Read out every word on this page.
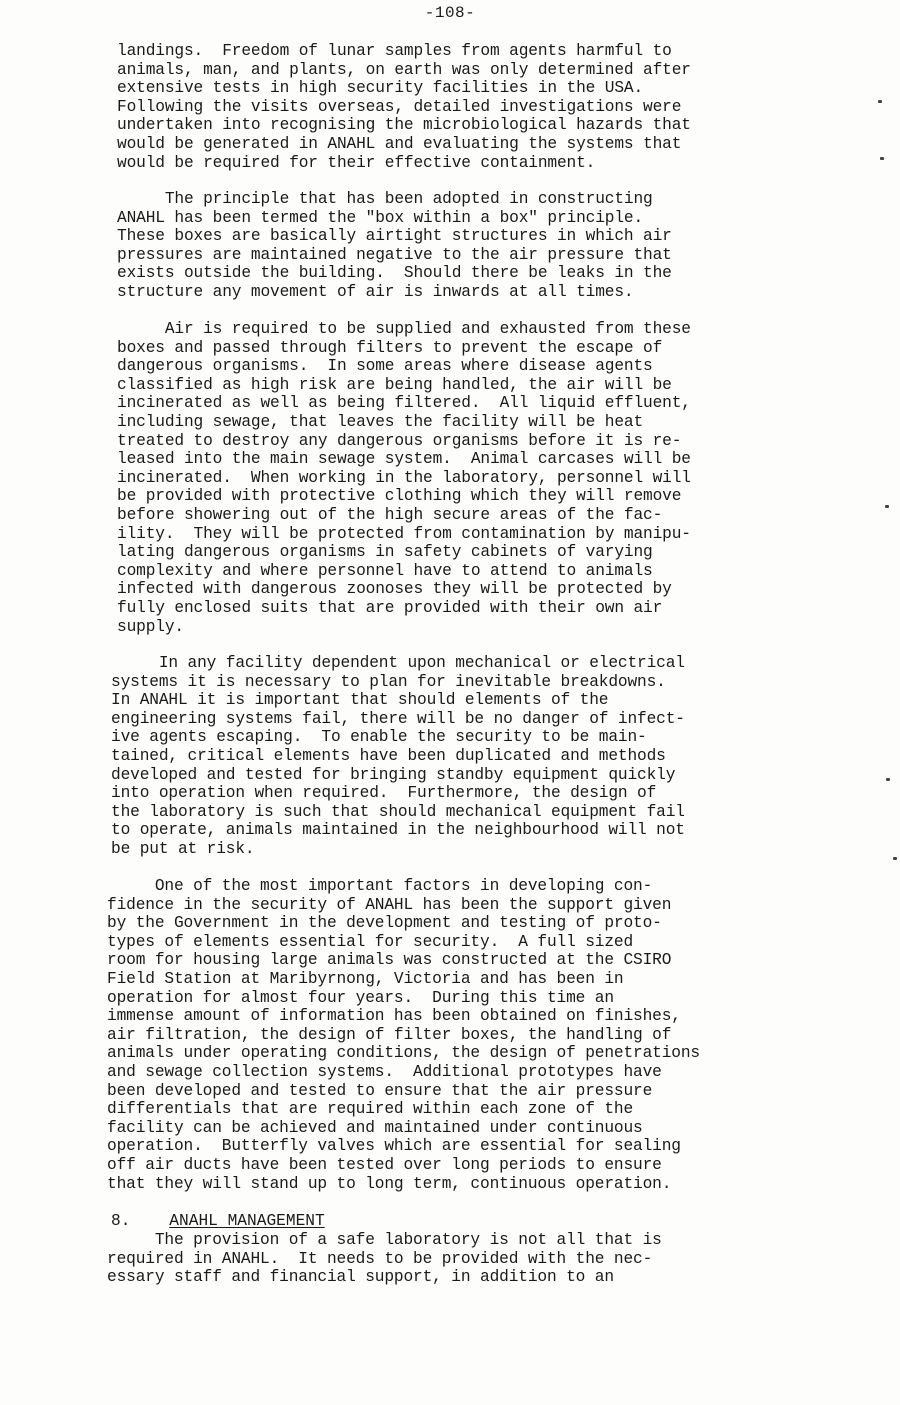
-108-
landings.  Freedom of lunar samples from agents harmful to
animals, man, and plants, on earth was only determined after
extensive tests in high security facilities in the USA.
Following the visits overseas, detailed investigations were
undertaken into recognising the microbiological hazards that
would be generated in ANAHL and evaluating the systems that
would be required for their effective containment.
The principle that has been adopted in constructing
ANAHL has been termed the "box within a box" principle.
These boxes are basically airtight structures in which air
pressures are maintained negative to the air pressure that
exists outside the building.  Should there be leaks in the
structure any movement of air is inwards at all times.
Air is required to be supplied and exhausted from these
boxes and passed through filters to prevent the escape of
dangerous organisms.  In some areas where disease agents
classified as high risk are being handled, the air will be
incinerated as well as being filtered.  All liquid effluent,
including sewage, that leaves the facility will be heat
treated to destroy any dangerous organisms before it is re-
leased into the main sewage system.  Animal carcases will be
incinerated.  When working in the laboratory, personnel will
be provided with protective clothing which they will remove
before showering out of the high secure areas of the fac-
ility.  They will be protected from contamination by manipu-
lating dangerous organisms in safety cabinets of varying
complexity and where personnel have to attend to animals
infected with dangerous zoonoses they will be protected by
fully enclosed suits that are provided with their own air
supply.
In any facility dependent upon mechanical or electrical
systems it is necessary to plan for inevitable breakdowns.
In ANAHL it is important that should elements of the
engineering systems fail, there will be no danger of infect-
ive agents escaping.  To enable the security to be main-
tained, critical elements have been duplicated and methods
developed and tested for bringing standby equipment quickly
into operation when required.  Furthermore, the design of
the laboratory is such that should mechanical equipment fail
to operate, animals maintained in the neighbourhood will not
be put at risk.
One of the most important factors in developing con-
fidence in the security of ANAHL has been the support given
by the Government in the development and testing of proto-
types of elements essential for security.  A full sized
room for housing large animals was constructed at the CSIRO
Field Station at Maribyrnong, Victoria and has been in
operation for almost four years.  During this time an
immense amount of information has been obtained on finishes,
air filtration, the design of filter boxes, the handling of
animals under operating conditions, the design of penetrations
and sewage collection systems.  Additional prototypes have
been developed and tested to ensure that the air pressure
differentials that are required within each zone of the
facility can be achieved and maintained under continuous
operation.  Butterfly valves which are essential for sealing
off air ducts have been tested over long periods to ensure
that they will stand up to long term, continuous operation.
8. ANAHL MANAGEMENT
The provision of a safe laboratory is not all that is
required in ANAHL.  It needs to be provided with the nec-
essary staff and financial support, in addition to an
